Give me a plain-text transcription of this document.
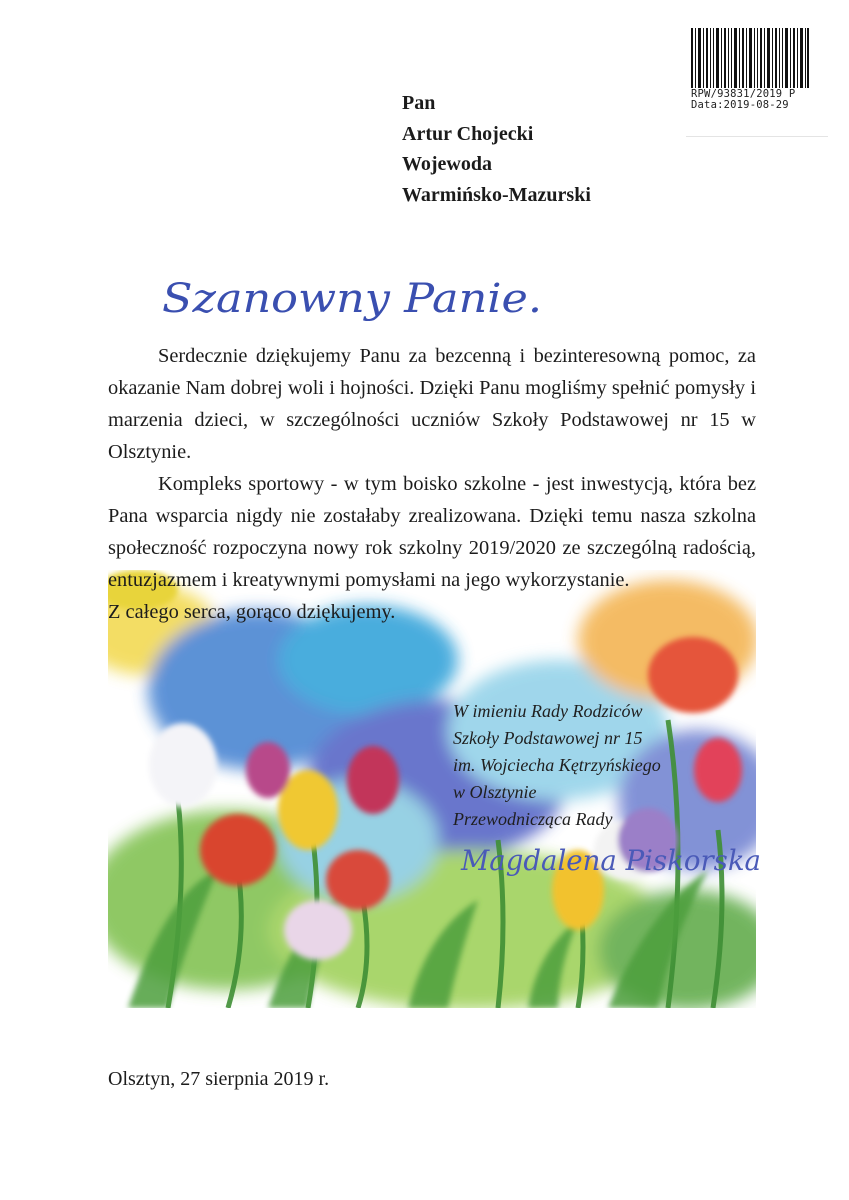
RPW/93831/2019 P
Data:2019-08-29
Pan
Artur Chojecki
Wojewoda
Warmińsko-Mazurski
Szanowny Panie.

Serdecznie dziękujemy Panu za bezcenną i bezinteresowną pomoc, za okazanie Nam dobrej woli i hojności. Dzięki Panu mogliśmy spełnić pomysły i marzenia dzieci, w szczególności uczniów Szkoły Podstawowej nr 15 w Olsztynie.

Kompleks sportowy - w tym boisko szkolne - jest inwestycją, która bez Pana wsparcia nigdy nie zostałaby zrealizowana. Dzięki temu nasza szkolna społeczność rozpoczyna nowy rok szkolny 2019/2020 ze szczególną radością, entuzjazmem i kreatywnymi pomysłami na jego wykorzystanie.

Z całego serca, gorąco dziękujemy.

W imieniu Rady Rodziców
Szkoły Podstawowej nr 15
im. Wojciecha Kętrzyńskiego
w Olsztynie
Przewodnicząca Rady
Magdalena Piskorska
Olsztyn, 27 sierpnia 2019 r.
